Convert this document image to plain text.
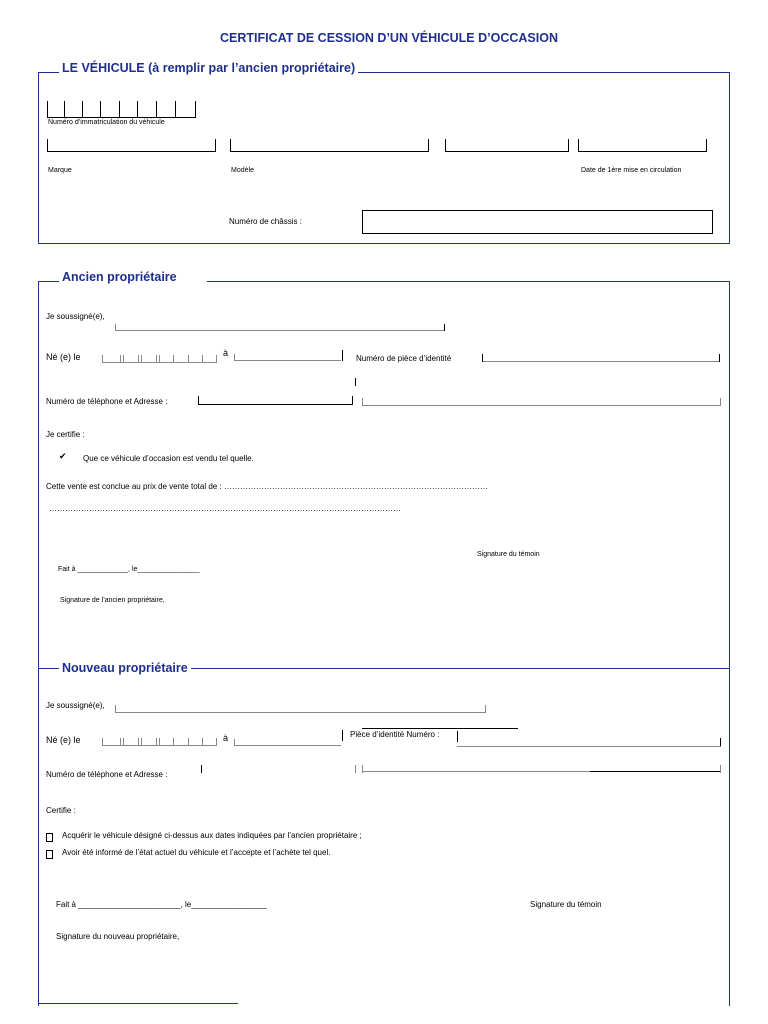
CERTIFICAT DE CESSION D’UN VÉHICULE D’OCCASION
LE VÉHICULE (à remplir par l’ancien propriétaire)
Numéro d’immatriculation du véhicule
Marque	Modèle	Date de 1ère mise en circulation
Numéro de châssis :
Ancien propriétaire
Je soussigné(e),
Né (e) le	à
Numéro de pièce d’identité
Numéro de téléphone et Adresse :
Je certifie :
✔ Que ce véhicule d’occasion est vendu tel quelle.
Cette vente est conclue au prix de vente total de : ………………………………………………………………………………………
……………………………………………………………………………………………………………………
Signature du témoin
Fait à _____________, le________________
Signature de l’ancien propriétaire,
Nouveau propriétaire
Je soussigné(e),
Né (e) le	à	Pièce d’identité Numéro :
Numéro de téléphone et Adresse :
Certifie :
Acquérir le véhicule désigné ci-dessus aux dates indiquées par l’ancien propriétaire ;
Avoir été informé de l’état actuel du véhicule et l’accepte et l’achète tel quel.
Fait à _______________________, le_________________	Signature du témoin
Signature du nouveau propriétaire,
